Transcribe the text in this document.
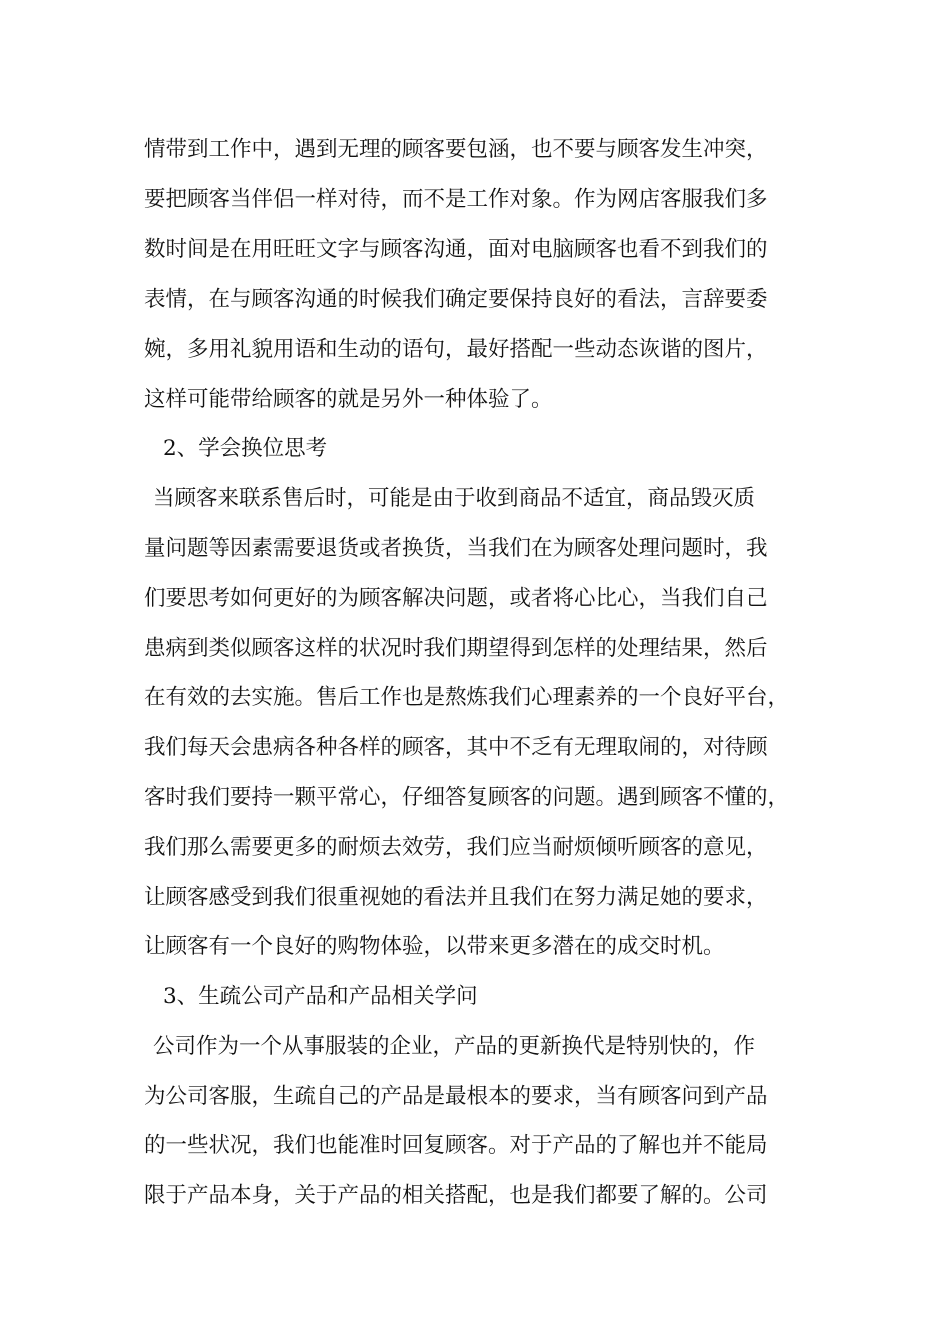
情带到工作中，遇到无理的顾客要包涵，也不要与顾客发生冲突，
要把顾客当伴侣一样对待，而不是工作对象。作为网店客服我们多
数时间是在用旺旺文字与顾客沟通，面对电脑顾客也看不到我们的
表情，在与顾客沟通的时候我们确定要保持良好的看法，言辞要委
婉，多用礼貌用语和生动的语句，最好搭配一些动态诙谐的图片，
这样可能带给顾客的就是另外一种体验了。
2、学会换位思考
当顾客来联系售后时，可能是由于收到商品不适宜，商品毁灭质
量问题等因素需要退货或者换货，当我们在为顾客处理问题时，我
们要思考如何更好的为顾客解决问题，或者将心比心，当我们自己
患病到类似顾客这样的状况时我们期望得到怎样的处理结果，然后
在有效的去实施。售后工作也是熬炼我们心理素养的一个良好平台，
我们每天会患病各种各样的顾客，其中不乏有无理取闹的，对待顾
客时我们要持一颗平常心，仔细答复顾客的问题。遇到顾客不懂的，
我们那么需要更多的耐烦去效劳，我们应当耐烦倾听顾客的意见，
让顾客感受到我们很重视她的看法并且我们在努力满足她的要求，
让顾客有一个良好的购物体验，以带来更多潜在的成交时机。
3、生疏公司产品和产品相关学问
公司作为一个从事服装的企业，产品的更新换代是特别快的，作
为公司客服，生疏自己的产品是最根本的要求，当有顾客问到产品
的一些状况，我们也能准时回复顾客。对于产品的了解也并不能局
限于产品本身，关于产品的相关搭配，也是我们都要了解的。公司
